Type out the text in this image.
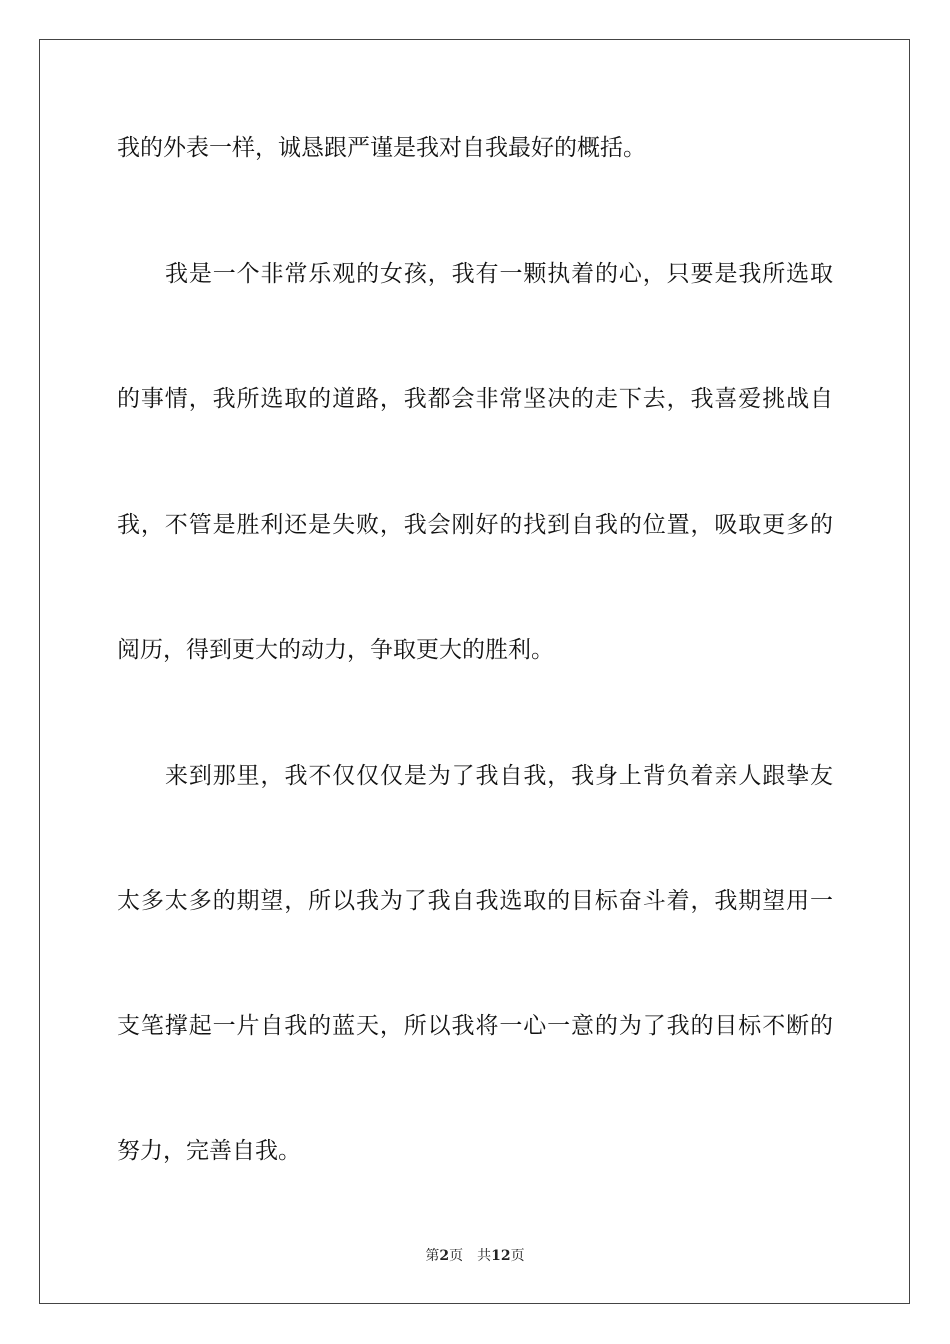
我的外表一样，诚恳跟严谨是我对自我最好的概括。
我是一个非常乐观的女孩，我有一颗执着的心，只要是我所选取
的事情，我所选取的道路，我都会非常坚决的走下去，我喜爱挑战自
我，不管是胜利还是失败，我会刚好的找到自我的位置，吸取更多的
阅历，得到更大的动力，争取更大的胜利。
来到那里，我不仅仅仅是为了我自我，我身上背负着亲人跟挚友
太多太多的期望，所以我为了我自我选取的目标奋斗着，我期望用一
支笔撑起一片自我的蓝天，所以我将一心一意的为了我的目标不断的
努力，完善自我。
第2页 共12页
